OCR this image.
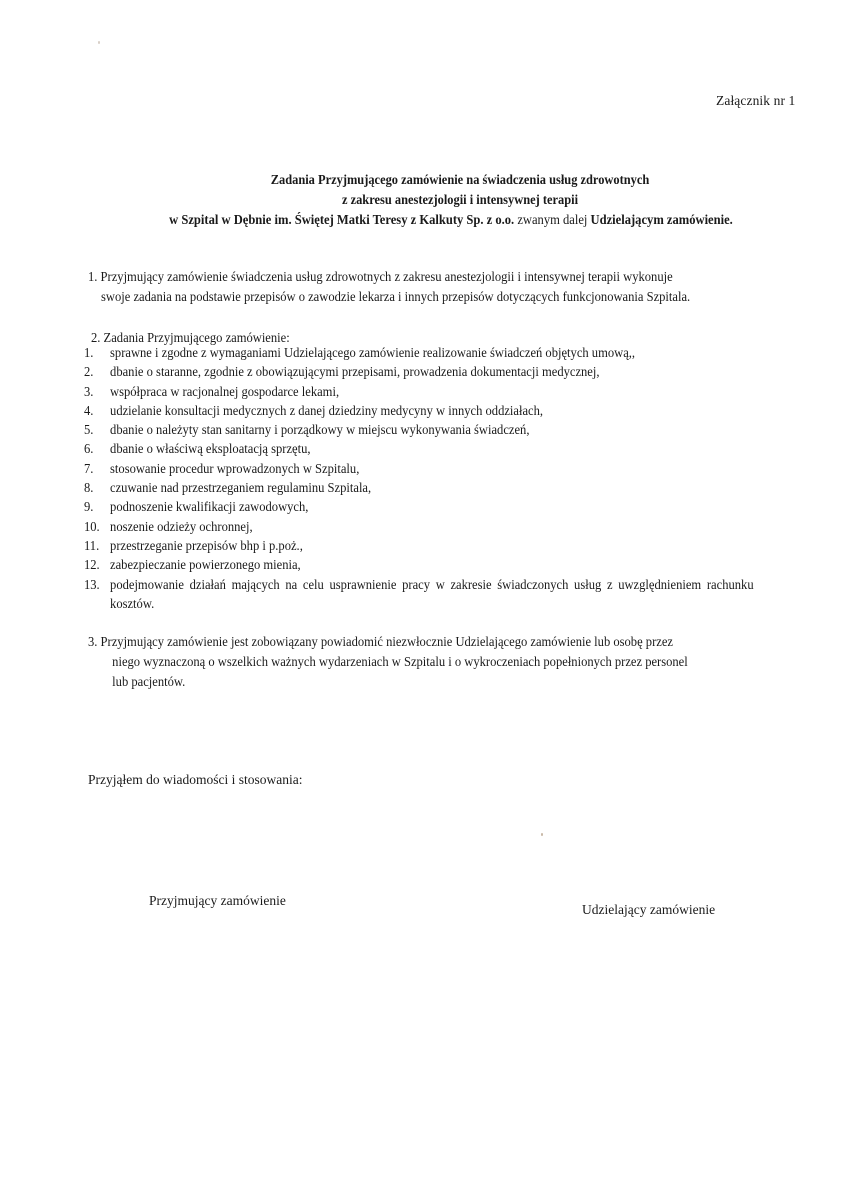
Załącznik nr 1
Zadania Przyjmującego zamówienie na świadczenia usług zdrowotnych
z zakresu anestezjologii i intensywnej terapii
w Szpital w Dębnie im. Świętej Matki Teresy z Kalkuty Sp. z o.o. zwanym dalej Udzielającym zamówienie.
1. Przyjmujący zamówienie świadczenia usług zdrowotnych z zakresu anestezjologii i intensywnej terapii wykonuje
swoje zadania na podstawie przepisów o zawodzie lekarza i innych przepisów dotyczących funkcjonowania Szpitala.
2. Zadania Przyjmującego zamówienie:
1.	sprawne i zgodne z wymaganiami Udzielającego zamówienie realizowanie świadczeń objętych umową,,
2.	dbanie o staranne, zgodnie z obowiązującymi przepisami, prowadzenia dokumentacji medycznej,
3.	współpraca w racjonalnej gospodarce lekami,
4.	udzielanie konsultacji medycznych z danej dziedziny medycyny w innych oddziałach,
5.	dbanie o należyty stan sanitarny i porządkowy w miejscu wykonywania świadczeń,
6.	dbanie o właściwą eksploatacją sprzętu,
7.	stosowanie procedur wprowadzonych w Szpitalu,
8.	czuwanie nad przestrzeganiem regulaminu Szpitala,
9.	podnoszenie kwalifikacji zawodowych,
10. noszenie odzieży ochronnej,
11. przestrzeganie przepisów bhp i p.poż.,
12. zabezpieczanie powierzonego mienia,
13. podejmowanie działań mających na celu usprawnienie pracy w zakresie świadczonych usług z uwzględnieniem rachunku kosztów.
3. Przyjmujący zamówienie jest zobowiązany powiadomić niezwłocznie Udzielającego zamówienie lub osobę przez
niego wyznaczoną o wszelkich ważnych wydarzeniach w Szpitalu i o wykroczeniach popełnionych przez personel
lub pacjentów.
Przyjąłem do wiadomości i stosowania:
Przyjmujący zamówienie
Udzielający zamówienie
